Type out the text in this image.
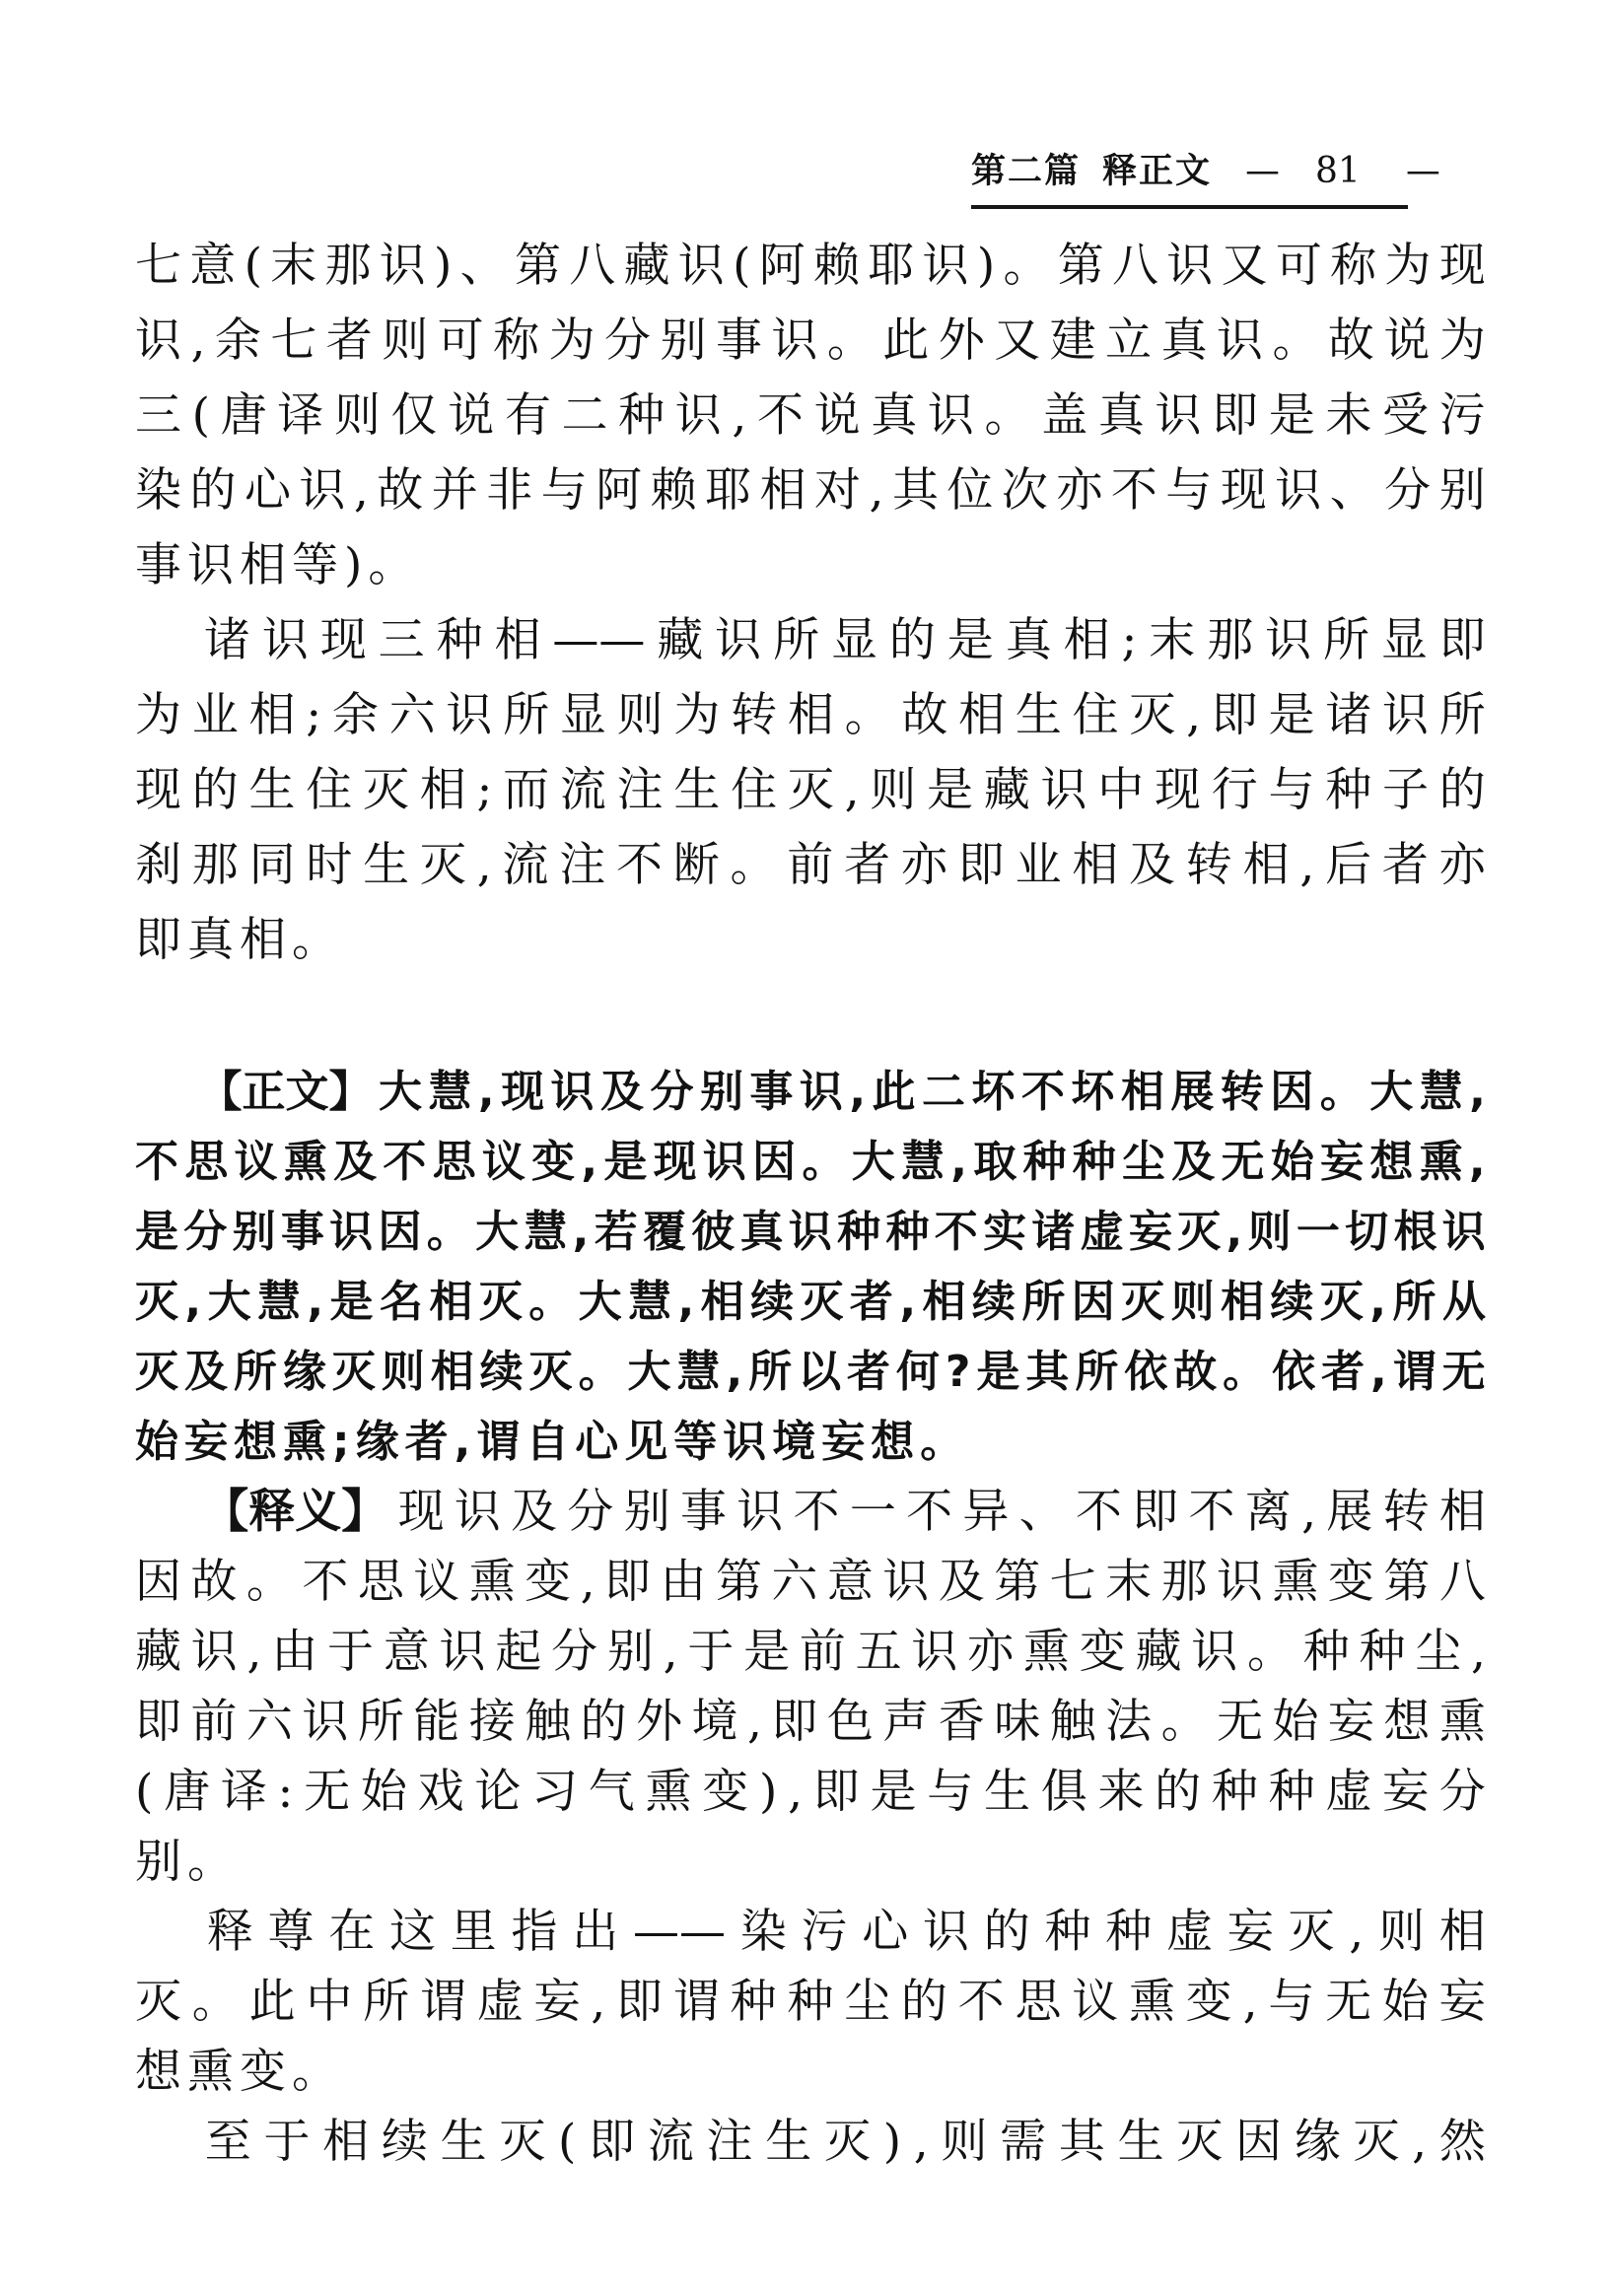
第二篇 释正文 — 81 —
七 意 ( 末 那 识 ) 、 第 八 藏 识 ( 阿 赖 耶 识 ) 。 第 八 识 又 可 称 为 现
识 , 余 七 者 则 可 称 为 分 别 事 识 。 此 外 又 建 立 真 识 。 故 说 为
三 ( 唐 译 则 仅 说 有 二 种 识 , 不 说 真 识 。 盖 真 识 即 是 未 受 污
染 的 心 识 , 故 并 非 与 阿 赖 耶 相 对 , 其 位 次 亦 不 与 现 识 、 分 别
事识相等)。
诸 识 现 三 种 相 —— 藏 识 所 显 的 是 真 相 ; 末 那 识 所 显 即
为 业 相 ; 余 六 识 所 显 则 为 转 相 。 故 相 生 住 灭 , 即 是 诸 识 所
现 的 生 住 灭 相 ; 而 流 注 生 住 灭 , 则 是 藏 识 中 现 行 与 种 子 的
刹 那 同 时 生 灭 , 流 注 不 断 。 前 者 亦 即 业 相 及 转 相 , 后 者 亦
即真相。
【正文】 大 慧 , 现 识 及 分 别 事 识 , 此 二 坏 不 坏 相 展 转 因 。 大 慧 ,
不 思 议 熏 及 不 思 议 变 , 是 现 识 因 。 大 慧 , 取 种 种 尘 及 无 始 妄 想 熏 ,
是 分 别 事 识 因 。 大 慧 , 若 覆 彼 真 识 种 种 不 实 诸 虚 妄 灭 , 则 一 切 根 识
灭 , 大 慧 , 是 名 相 灭 。 大 慧 , 相 续 灭 者 , 相 续 所 因 灭 则 相 续 灭 , 所 从
灭 及 所 缘 灭 则 相 续 灭 。 大 慧 , 所 以 者 何 ? 是 其 所 依 故 。 依 者 , 谓 无
始妄想熏;缘者,谓自心见等识境妄想。
【释义】 现 识 及 分 别 事 识 不 一 不 异 、 不 即 不 离 , 展 转 相
因 故 。 不 思 议 熏 变 , 即 由 第 六 意 识 及 第 七 末 那 识 熏 变 第 八
藏 识 , 由 于 意 识 起 分 别 , 于 是 前 五 识 亦 熏 变 藏 识 。 种 种 尘 ,
即 前 六 识 所 能 接 触 的 外 境 , 即 色 声 香 味 触 法 。 无 始 妄 想 熏
( 唐 译 : 无 始 戏 论 习 气 熏 变 ) , 即 是 与 生 俱 来 的 种 种 虚 妄 分
别。
释 尊 在 这 里 指 出 —— 染 污 心 识 的 种 种 虚 妄 灭 , 则 相
灭 。 此 中 所 谓 虚 妄 , 即 谓 种 种 尘 的 不 思 议 熏 变 , 与 无 始 妄
想熏变。
至 于 相 续 生 灭 ( 即 流 注 生 灭 ) , 则 需 其 生 灭 因 缘 灭 , 然
